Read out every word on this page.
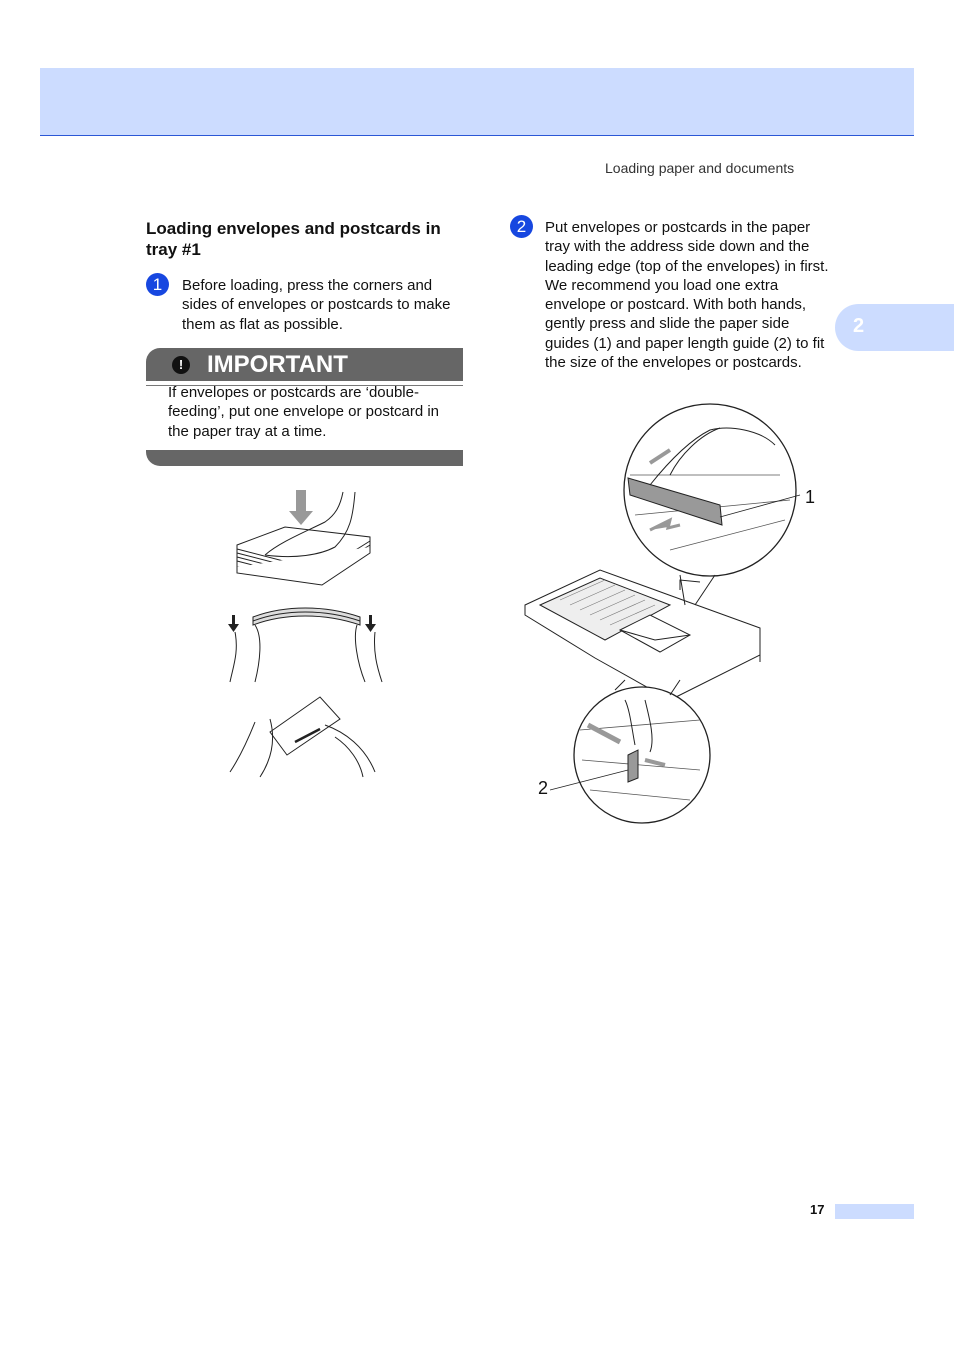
Loading paper and documents
2
Loading envelopes and postcards in tray #1
1	Before loading, press the corners and sides of envelopes or postcards to make them as flat as possible.
! IMPORTANT
If envelopes or postcards are ‘double-feeding’, put one envelope or postcard in the paper tray at a time.
2	Put envelopes or postcards in the paper tray with the address side down and the leading edge (top of the envelopes) in first. We recommend you load one extra envelope or postcard. With both hands, gently press and slide the paper side guides (1) and paper length guide (2) to fit the size of the envelopes or postcards.
1
2
17
